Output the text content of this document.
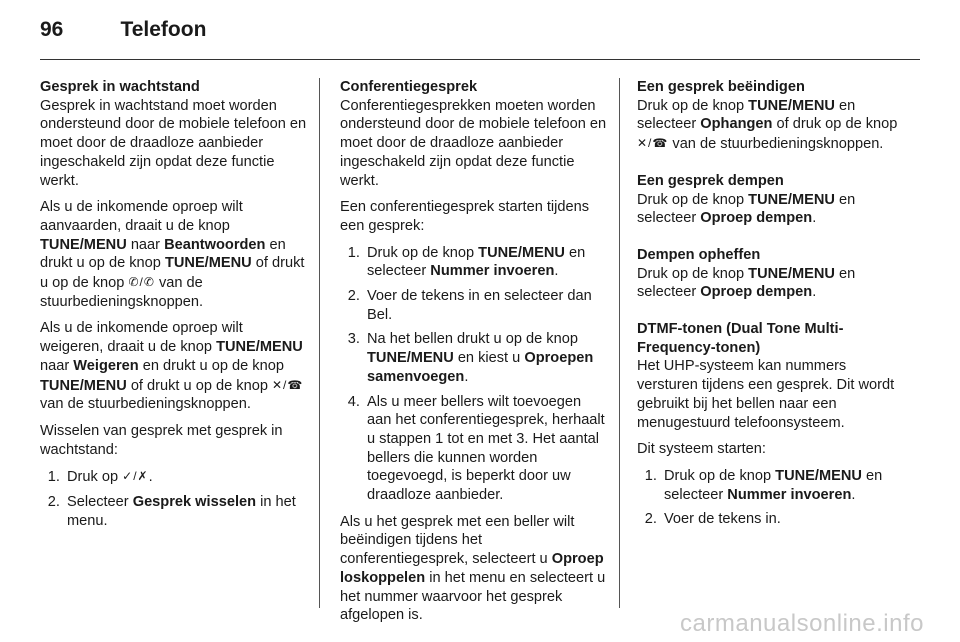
96	Telefoon
Gesprek in wachtstand

Gesprek in wachtstand moet worden ondersteund door de mobiele telefoon en moet door de draadloze aanbieder ingeschakeld zijn opdat deze functie werkt.

Als u de inkomende oproep wilt aanvaarden, draait u de knop TUNE/MENU naar Beantwoorden en drukt u op de knop TUNE/MENU of drukt u op de knop ✆/✆ van de stuurbedieningsknoppen.

Als u de inkomende oproep wilt weigeren, draait u de knop TUNE/MENU naar Weigeren en drukt u op de knop TUNE/MENU of drukt u op de knop ✕/☎ van de stuurbedieningsknoppen.

Wisselen van gesprek met gesprek in wachtstand:

1. Druk op ✓/✗.
2. Selecteer Gesprek wisselen in het menu.
Conferentiegesprek

Conferentiegesprekken moeten worden ondersteund door de mobiele telefoon en moet door de draadloze aanbieder ingeschakeld zijn opdat deze functie werkt.

Een conferentiegesprek starten tijdens een gesprek:

1. Druk op de knop TUNE/MENU en selecteer Nummer invoeren.
2. Voer de tekens in en selecteer dan Bel.
3. Na het bellen drukt u op de knop TUNE/MENU en kiest u Oproepen samenvoegen.
4. Als u meer bellers wilt toevoegen aan het conferentiegesprek, herhaalt u stappen 1 tot en met 3. Het aantal bellers die kunnen worden toegevoegd, is beperkt door uw draadloze aanbieder.

Als u het gesprek met een beller wilt beëindigen tijdens het conferentiegesprek, selecteert u Oproep loskoppelen in het menu en selecteert u het nummer waarvoor het gesprek afgelopen is.

Een gesprek beëindigen

Druk op de knop TUNE/MENU en selecteer Ophangen of druk op de knop ✕/☎ van de stuurbedieningsknoppen.

Een gesprek dempen

Druk op de knop TUNE/MENU en selecteer Oproep dempen.

Dempen opheffen

Druk op de knop TUNE/MENU en selecteer Oproep dempen.

DTMF-tonen (Dual Tone Multi-Frequency-tonen)

Het UHP-systeem kan nummers versturen tijdens een gesprek. Dit wordt gebruikt bij het bellen naar een menugestuurd telefoonsysteem.

Dit systeem starten:

1. Druk op de knop TUNE/MENU en selecteer Nummer invoeren.
2. Voer de tekens in.
carmanualsonline.info
